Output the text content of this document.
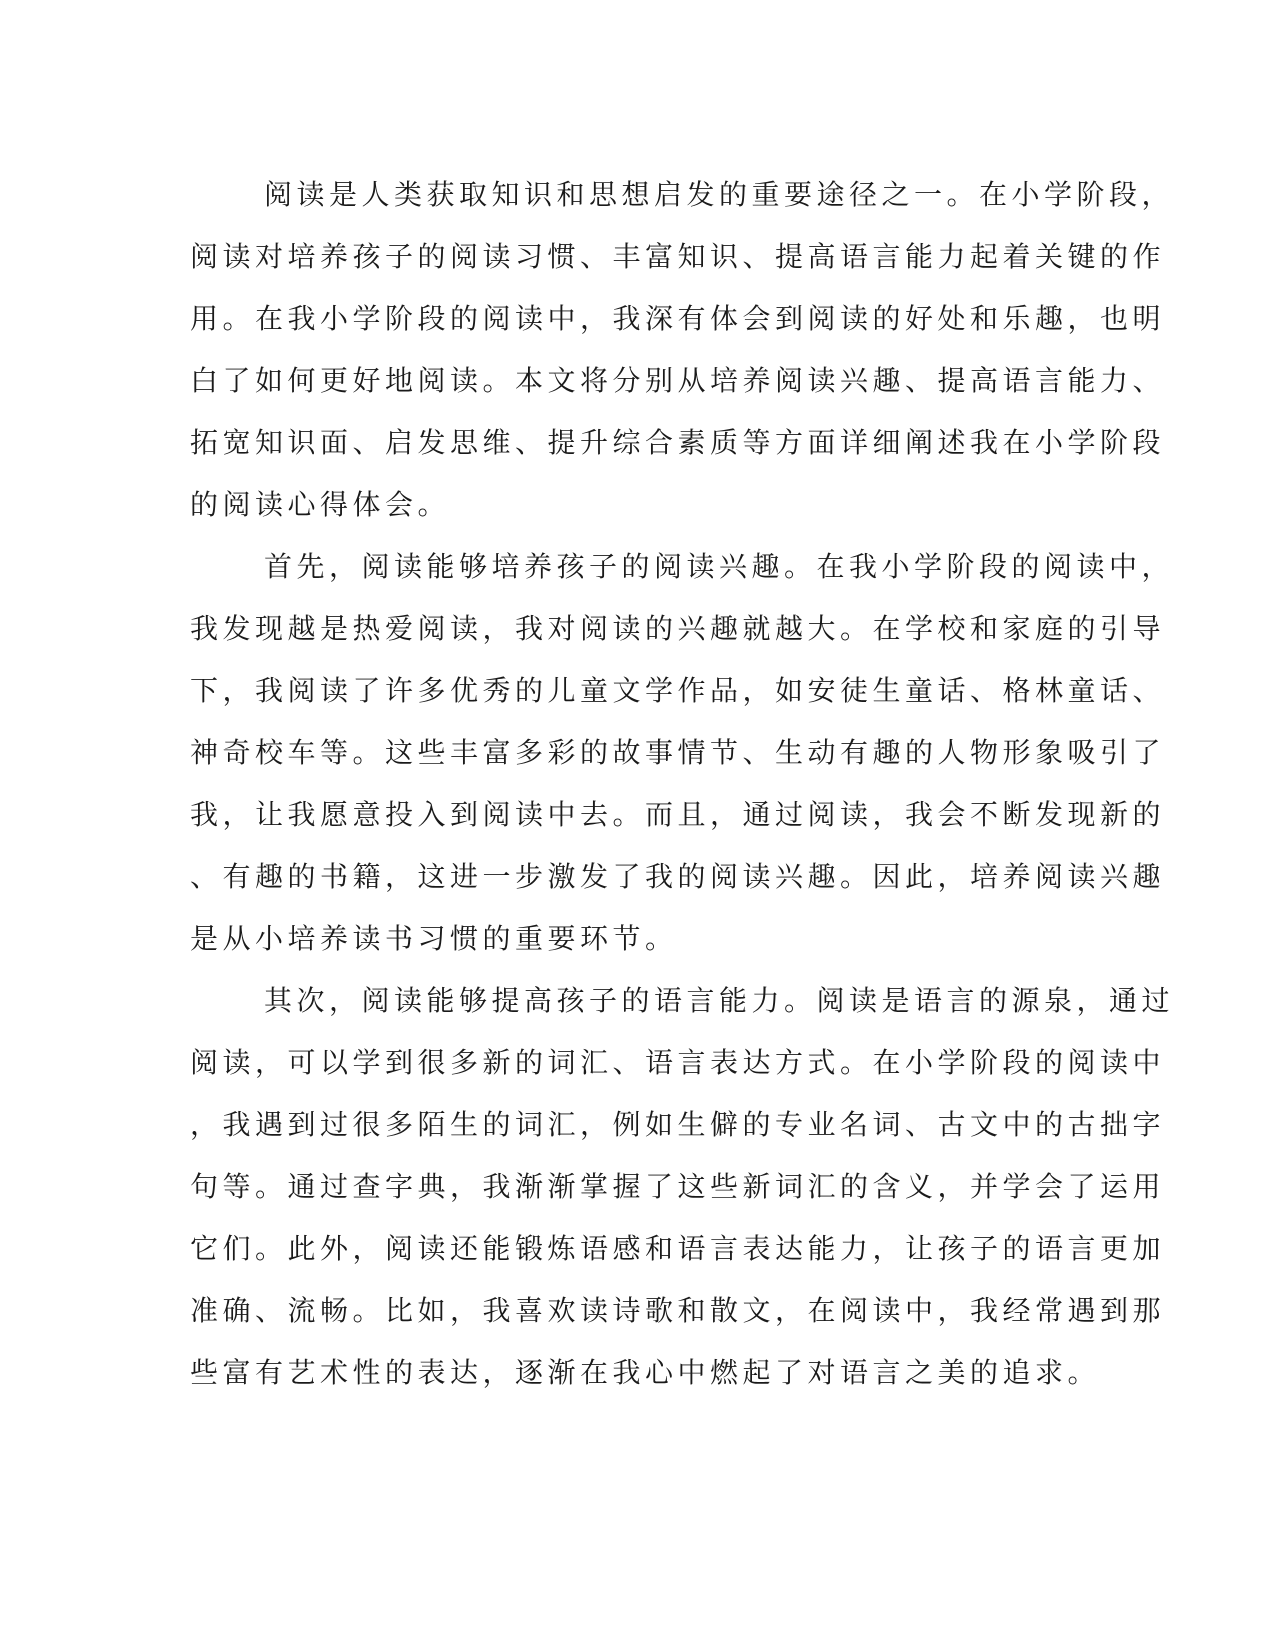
阅读是人类获取知识和思想启发的重要途径之一。在小学阶段，
阅读对培养孩子的阅读习惯、丰富知识、提高语言能力起着关键的作
用。在我小学阶段的阅读中，我深有体会到阅读的好处和乐趣，也明
白了如何更好地阅读。本文将分别从培养阅读兴趣、提高语言能力、
拓宽知识面、启发思维、提升综合素质等方面详细阐述我在小学阶段
的阅读心得体会。
首先，阅读能够培养孩子的阅读兴趣。在我小学阶段的阅读中，
我发现越是热爱阅读，我对阅读的兴趣就越大。在学校和家庭的引导
下，我阅读了许多优秀的儿童文学作品，如安徒生童话、格林童话、
神奇校车等。这些丰富多彩的故事情节、生动有趣的人物形象吸引了
我，让我愿意投入到阅读中去。而且，通过阅读，我会不断发现新的
、有趣的书籍，这进一步激发了我的阅读兴趣。因此，培养阅读兴趣
是从小培养读书习惯的重要环节。
其次，阅读能够提高孩子的语言能力。阅读是语言的源泉，通过
阅读，可以学到很多新的词汇、语言表达方式。在小学阶段的阅读中
，我遇到过很多陌生的词汇，例如生僻的专业名词、古文中的古拙字
句等。通过查字典，我渐渐掌握了这些新词汇的含义，并学会了运用
它们。此外，阅读还能锻炼语感和语言表达能力，让孩子的语言更加
准确、流畅。比如，我喜欢读诗歌和散文，在阅读中，我经常遇到那
些富有艺术性的表达，逐渐在我心中燃起了对语言之美的追求。
